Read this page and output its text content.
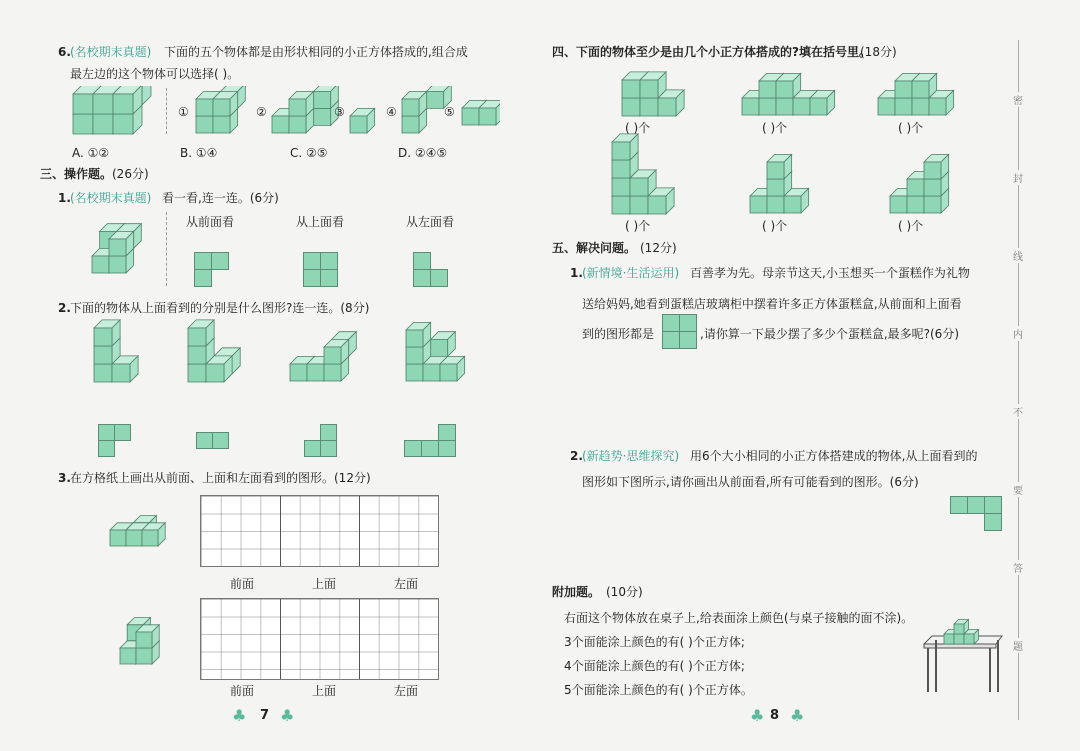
6. (名校期末真题) 下面的五个物体都是由形状相同的小正方体搭成的,组合成
最左边的这个物体可以选择( )。
①	②	③	④	⑤
A. ①②	B. ①④	C. ②⑤	D. ②④⑤
三、操作题。 (26分)
1. (名校期末真题) 看一看,连一连。(6分)
从前面看	从上面看	从左面看
2. 下面的物体从上面看到的分别是什么图形?连一连。(8分)
3. 在方格纸上画出从前面、上面和左面看到的图形。(12分)
前面	上面	左面
前面	上面	左面
♣ 7 ♣
四、下面的物体至少是由几个小正方体搭成的?填在括号里。
(18分)
( )个	( )个	( )个
( )个	( )个	( )个
五、解决问题。 (12分)
1. (新情境·生活运用) 百善孝为先。母亲节这天,小玉想买一个蛋糕作为礼物
送给妈妈,她看到蛋糕店玻璃柜中摆着许多正方体蛋糕盒,从前面和上面看
到的图形都是	,请你算一下最少摆了多少个蛋糕盒,最多呢?(6分)
2. (新趋势·思维探究) 用6个大小相同的小正方体搭建成的物体,从上面看到的
图形如下图所示,请你画出从前面看,所有可能看到的图形。(6分)
附加题。 (10分)
右面这个物体放在桌子上,给表面涂上颜色(与桌子接触的面不涂)。
3个面能涂上颜色的有( )个正方体;
4个面能涂上颜色的有( )个正方体;
5个面能涂上颜色的有( )个正方体。
♣ 8 ♣
密
封
线
内
不
要
答
题
